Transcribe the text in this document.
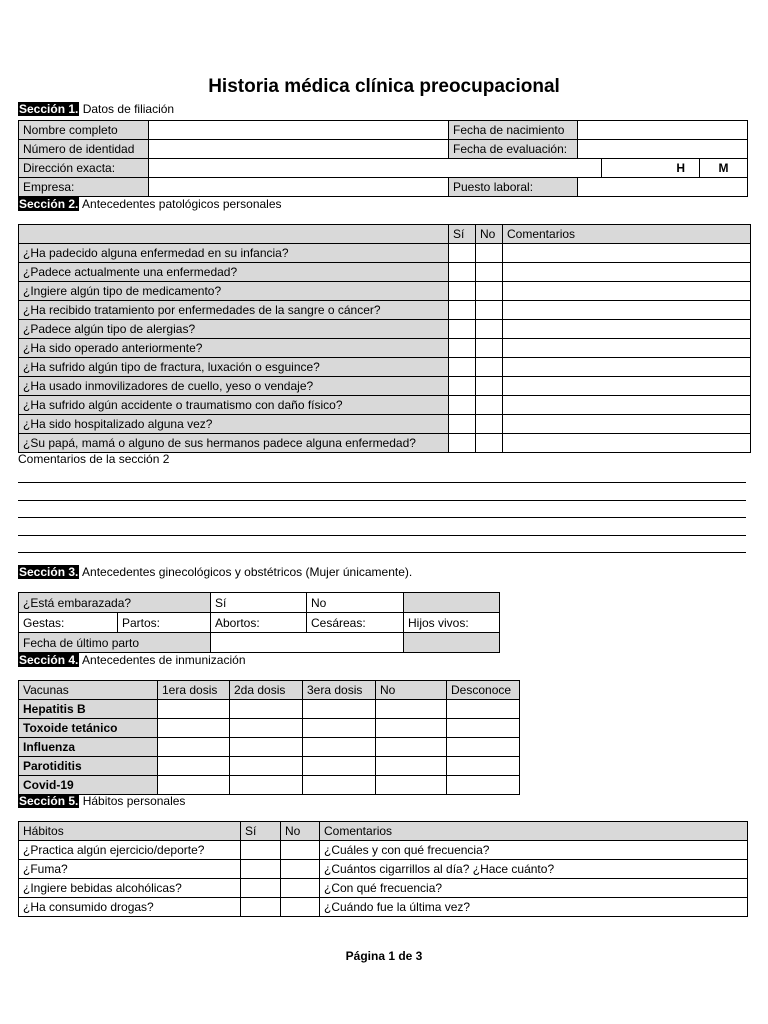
Historia médica clínica preocupacional
Sección 1. Datos de filiación
Nombre completo		Fecha de nacimiento			
Número de identidad		Fecha de evaluación:			
Dirección exacta:				H	M
Empresa:		Puesto laboral:			
Sección 2. Antecedentes patológicos personales
	Sí	No	Comentarios
¿Ha padecido alguna enfermedad en su infancia?			
¿Padece actualmente una enfermedad?			
¿Ingiere algún tipo de medicamento?			
¿Ha recibido tratamiento por enfermedades de la sangre o cáncer?			
¿Padece algún tipo de alergias?			
¿Ha sido operado anteriormente?			
¿Ha sufrido algún tipo de fractura, luxación o esguince?			
¿Ha usado inmovilizadores de cuello, yeso o vendaje?			
¿Ha sufrido algún accidente o traumatismo con daño físico?			
¿Ha sido hospitalizado alguna vez?			
¿Su papá, mamá o alguno de sus hermanos padece alguna enfermedad?			
Comentarios de la sección 2
Sección 3. Antecedentes ginecológicos y obstétricos (Mujer únicamente).
¿Está embarazada?		Sí	No	
Gestas:	Partos:	Abortos:	Cesáreas:	Hijos vivos:
Fecha de último parto				
Sección 4. Antecedentes de inmunización
Vacunas	1era dosis	2da dosis	3era dosis	No	Desconoce
Hepatitis B					
Toxoide tetánico					
Influenza					
Parotiditis					
Covid-19					
Sección 5. Hábitos personales
Hábitos	Sí	No	Comentarios
¿Practica algún ejercicio/deporte?			¿Cuáles y con qué frecuencia?
¿Fuma?			¿Cuántos cigarrillos al día? ¿Hace cuánto?
¿Ingiere bebidas alcohólicas?			¿Con qué frecuencia?
¿Ha consumido drogas?			¿Cuándo fue la última vez?
Página 1 de 3
